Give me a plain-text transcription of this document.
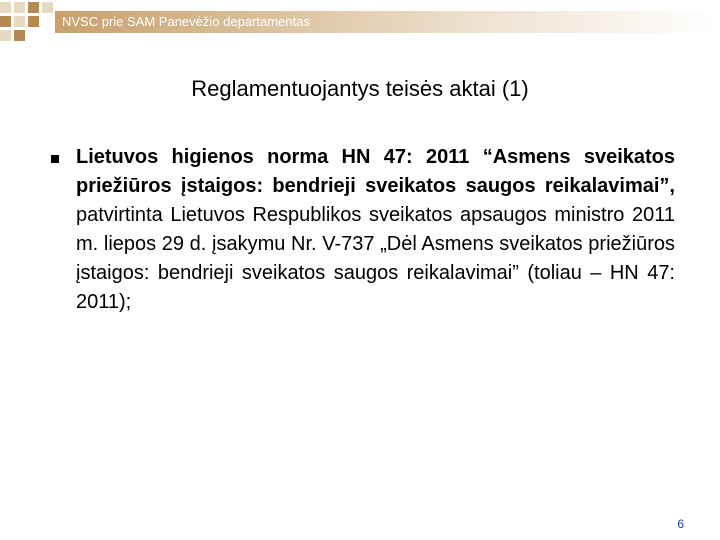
NVSC prie SAM Panevėžio departamentas
Reglamentuojantys teisės aktai (1)
Lietuvos higienos norma HN 47: 2011 “Asmens sveikatos priežiūros įstaigos: bendrieji sveikatos saugos reikalavimai”, patvirtinta Lietuvos Respublikos sveikatos apsaugos ministro 2011 m. liepos 29 d. įsakymu Nr. V-737 „Dėl Asmens sveikatos priežiūros įstaigos: bendrieji sveikatos saugos reikalavimai” (toliau – HN 47: 2011);
6
